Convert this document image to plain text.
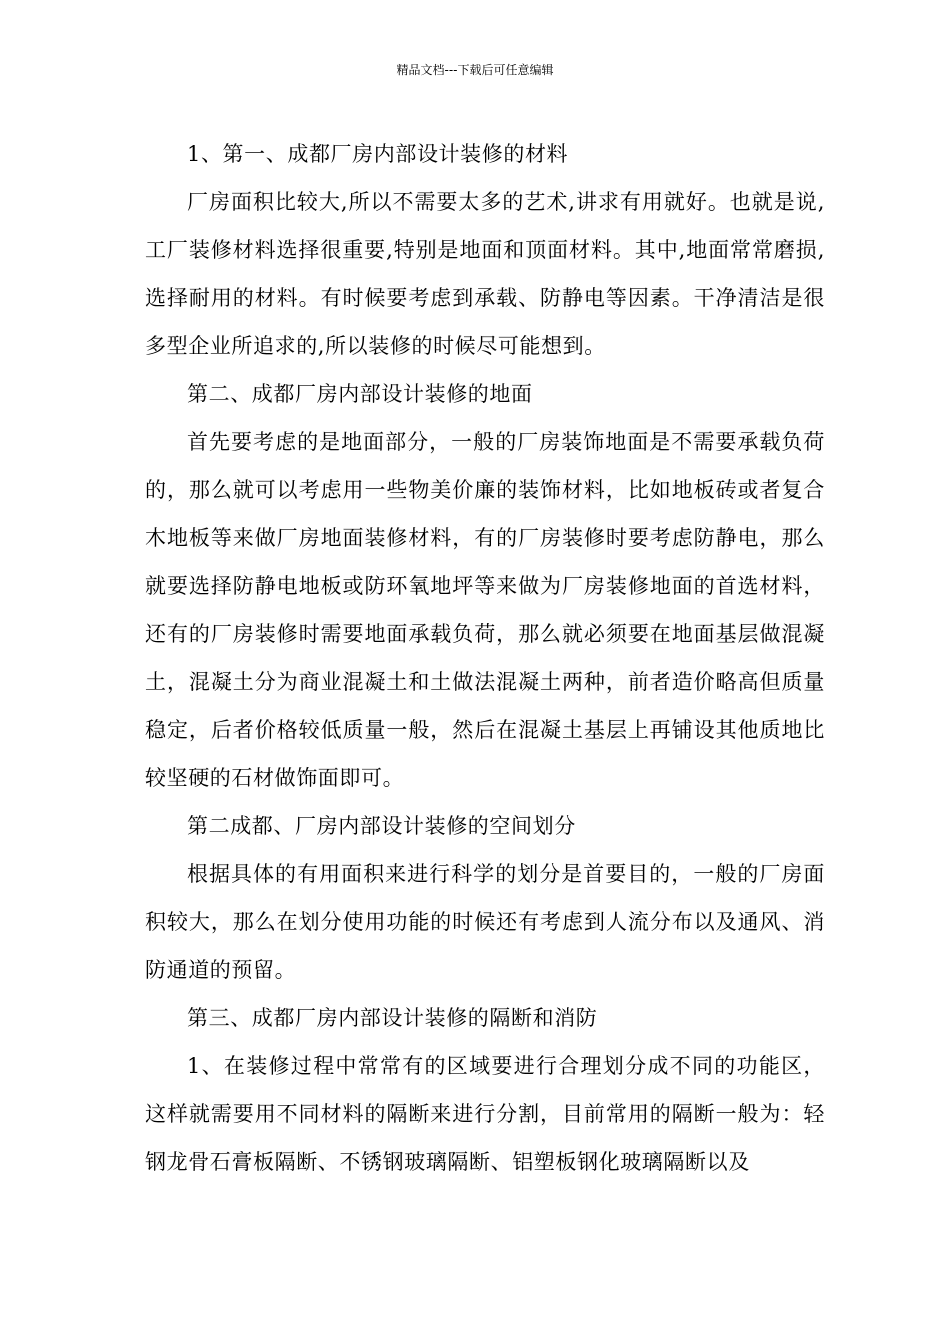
精品文档---下载后可任意编辑

1、第一、成都厂房内部设计装修的材料

厂房面积比较大,所以不需要太多的艺术,讲求有用就好。也就是说,工厂装修材料选择很重要,特别是地面和顶面材料。其中,地面常常磨损,选择耐用的材料。有时候要考虑到承载、防静电等因素。干净清洁是很多型企业所追求的,所以装修的时候尽可能想到。

第二、成都厂房内部设计装修的地面

首先要考虑的是地面部分，一般的厂房装饰地面是不需要承载负荷的，那么就可以考虑用一些物美价廉的装饰材料，比如地板砖或者复合木地板等来做厂房地面装修材料，有的厂房装修时要考虑防静电，那么就要选择防静电地板或防环氧地坪等来做为厂房装修地面的首选材料，还有的厂房装修时需要地面承载负荷，那么就必须要在地面基层做混凝土，混凝土分为商业混凝土和土做法混凝土两种，前者造价略高但质量稳定，后者价格较低质量一般，然后在混凝土基层上再铺设其他质地比较坚硬的石材做饰面即可。

第二成都、厂房内部设计装修的空间划分

根据具体的有用面积来进行科学的划分是首要目的，一般的厂房面积较大，那么在划分使用功能的时候还有考虑到人流分布以及通风、消防通道的预留。

第三、成都厂房内部设计装修的隔断和消防

1、在装修过程中常常有的区域要进行合理划分成不同的功能区，这样就需要用不同材料的隔断来进行分割，目前常用的隔断一般为：轻钢龙骨石膏板隔断、不锈钢玻璃隔断、铝塑板钢化玻璃隔断以及
